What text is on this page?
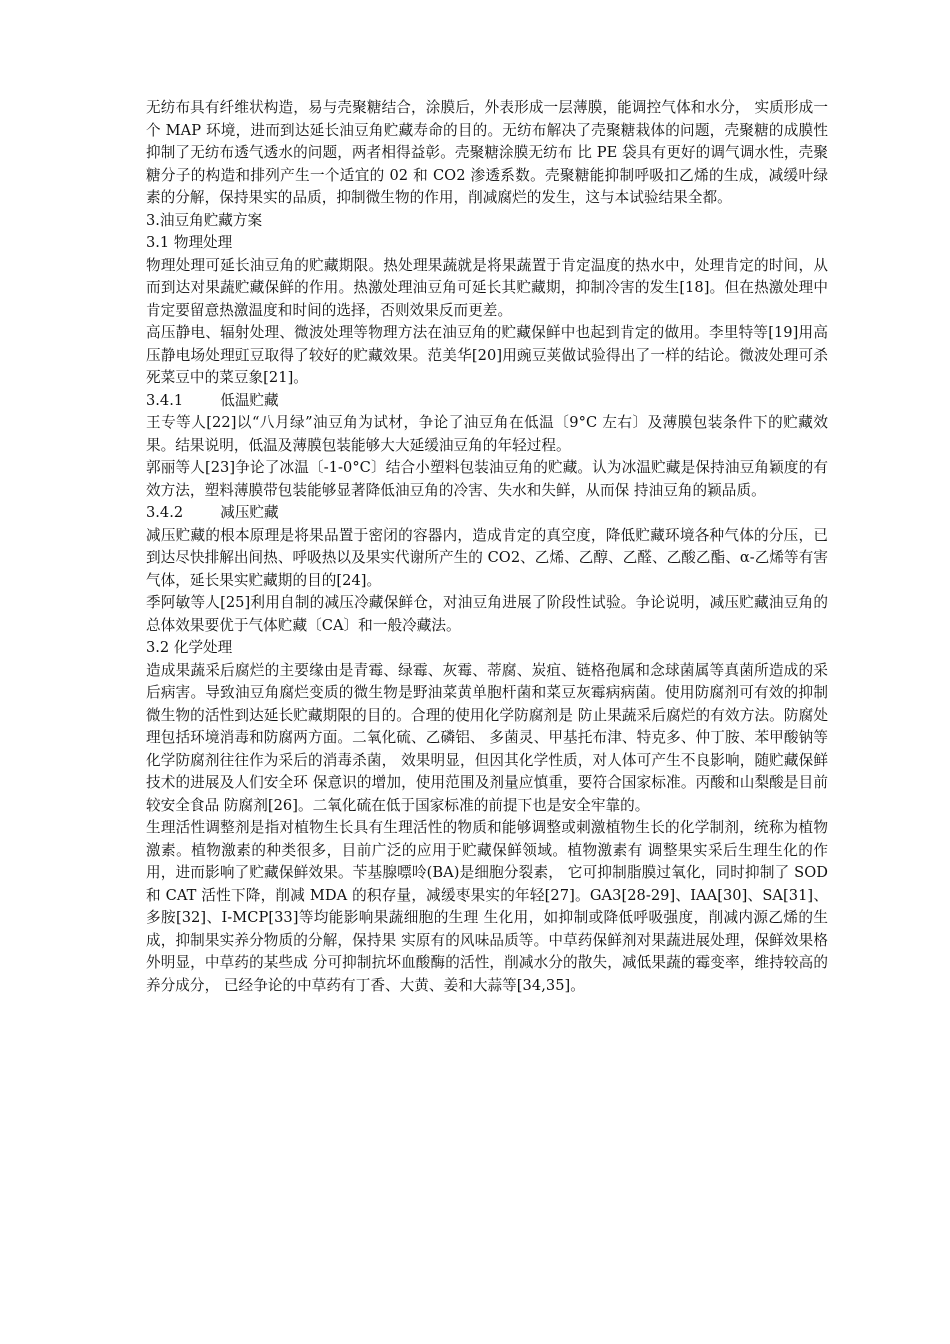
无纺布具有纤维状构造，易与壳聚糖结合，涂膜后，外表形成一层薄膜，能调控气体和水分， 实质形成一个 MAP 环境，进而到达延长油豆角贮藏寿命的目的。无纺布解决了壳聚糖栽体的问题，壳聚糖的成膜性抑制了无纺布透气透水的问题，两者相得益彰。壳聚糖涂膜无纺布 比 PE 袋具有更好的调气调水性，壳聚糖分子的构造和排列产生一个适宜的 02 和 CO2 渗透系数。壳聚糖能抑制呼吸扣乙烯的生成，减缓叶绿素的分解，保持果实的品质，抑制微生物的作用，削减腐烂的发生，这与本试验结果全都。

3.油豆角贮藏方案

3.1 物理处理

物理处理可延长油豆角的贮藏期限。热处理果蔬就是将果蔬置于肯定温度的热水中，处理肯定的时间，从而到达对果蔬贮藏保鲜的作用。热激处理油豆角可延长其贮藏期，抑制冷害的发生[18]。但在热激处理中肯定要留意热激温度和时间的选择，否则效果反而更差。

高压静电、辐射处理、微波处理等物理方法在油豆角的贮藏保鲜中也起到肯定的做用。李里特等[19]用高压静电场处理豇豆取得了较好的贮藏效果。范美华[20]用豌豆荚做试验得出了一样的结论。微波处理可杀死菜豆中的菜豆象[21]。

3.4.1	低温贮藏

王专等人[22]以“八月绿”油豆角为试材，争论了油豆角在低温〔9°C 左右〕及薄膜包装条件下的贮藏效果。结果说明，低温及薄膜包装能够大大延缓油豆角的年轻过程。

郭丽等人[23]争论了冰温〔-1-0°C〕结合小塑料包装油豆角的贮藏。认为冰温贮藏是保持油豆角颖度的有效方法，塑料薄膜带包装能够显著降低油豆角的冷害、失水和失鲜，从而保 持油豆角的颖品质。

3.4.2	减压贮藏

减压贮藏的根本原理是将果品置于密闭的容器内，造成肯定的真空度，降低贮藏环境各种气体的分压，已到达尽快排解出间热、呼吸热以及果实代谢所产生的 CO2、乙烯、乙醇、乙醛、乙酸乙酯、α-乙烯等有害气体，延长果实贮藏期的目的[24]。

季阿敏等人[25]利用自制的减压冷藏保鲜仓，对油豆角进展了阶段性试验。争论说明，减压贮藏油豆角的总体效果要优于气体贮藏〔CA〕和一般冷藏法。

3.2 化学处理

造成果蔬采后腐烂的主要缘由是青霉、绿霉、灰霉、蒂腐、炭疽、链格孢属和念球菌属等真菌所造成的采后病害。导致油豆角腐烂变质的微生物是野油菜黄单胞杆菌和菜豆灰霉病病菌。使用防腐剂可有效的抑制微生物的活性到达延长贮藏期限的目的。合理的使用化学防腐剂是 防止果蔬采后腐烂的有效方法。防腐处理包括环境消毒和防腐两方面。二氧化硫、乙磷铝、 多菌灵、甲基托布津、特克多、仲丁胺、苯甲酸钠等化学防腐剂往往作为采后的消毒杀菌， 效果明显，但因其化学性质，对人体可产生不良影响，随贮藏保鲜技术的进展及人们安全环 保意识的增加，使用范围及剂量应慎重，要符合国家标准。丙酸和山梨酸是目前较安全食品 防腐剂[26]。二氧化硫在低于国家标准的前提下也是安全牢靠的。

生理活性调整剂是指对植物生长具有生理活性的物质和能够调整或刺激植物生长的化学制剂，统称为植物激素。植物激素的种类很多，目前广泛的应用于贮藏保鲜领域。植物激素有 调整果实采后生理生化的作用，进而影响了贮藏保鲜效果。苄基腺嘌呤(BA)是细胞分裂素， 它可抑制脂膜过氧化，同时抑制了 SOD 和 CAT 活性下降，削减 MDA 的积存量，减缓枣果实的年轻[27]。GA3[28-29]、IAA[30]、SA[31]、多胺[32]、I-MCP[33]等均能影响果蔬细胞的生理 生化用，如抑制或降低呼吸强度，削减内源乙烯的生成，抑制果实养分物质的分解，保持果 实原有的风味品质等。中草药保鲜剂对果蔬进展处理，保鲜效果格外明显，中草药的某些成 分可抑制抗坏血酸酶的活性，削减水分的散失，减低果蔬的霉变率，维持较高的养分成分， 已经争论的中草药有丁香、大黄、姜和大蒜等[34,35]。
